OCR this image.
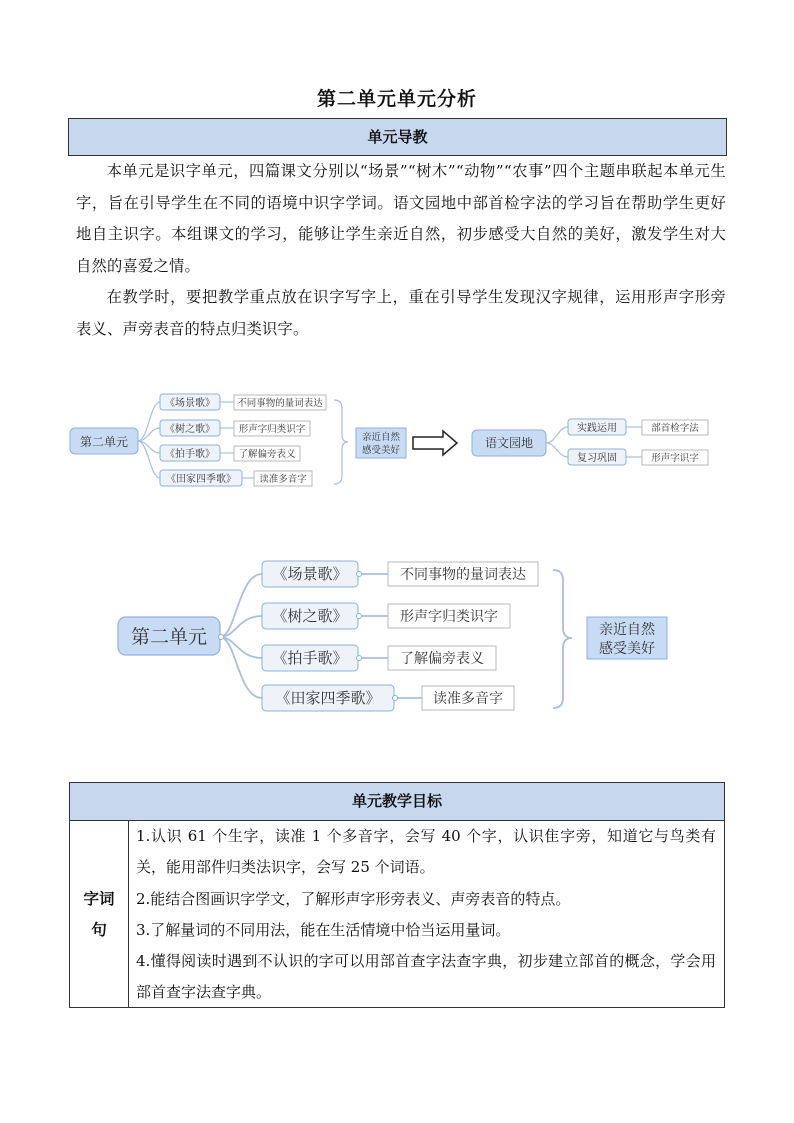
第二单元单元分析
单元导教

本单元是识字单元，四篇课文分别以“场景”“树木”“动物”“农事”四个主题串联起本单元生字，旨在引导学生在不同的语境中识字学词。语文园地中部首检字法的学习旨在帮助学生更好地自主识字。本组课文的学习，能够让学生亲近自然，初步感受大自然的美好，激发学生对大自然的喜爱之情。

在教学时，要把教学重点放在识字写字上，重在引导学生发现汉字规律，运用形声字形旁表义、声旁表音的特点归类识字。

第二单元
《场景歌》
《树之歌》
《拍手歌》
《田家四季歌》
不同事物的量词表达
形声字归类识字
了解偏旁表义
读准多音字
亲近自然
感受美好
语文园地
实践运用
复习巩固
部首检字法
形声字识字
第二单元
《场景歌》
《树之歌》
《拍手歌》
《田家四季歌》
不同事物的量词表达
形声字归类识字
了解偏旁表义
读准多音字
亲近自然
感受美好
单元教学目标
字词句

1.认识 61 个生字，读准 1 个多音字，会写 40 个字，认识隹字旁，知道它与鸟类有关，能用部件归类法识字，会写 25 个词语。

2.能结合图画识字学文，了解形声字形旁表义、声旁表音的特点。

3.了解量词的不同用法，能在生活情境中恰当运用量词。

4.懂得阅读时遇到不认识的字可以用部首查字法查字典，初步建立部首的概念，学会用部首查字法查字典。
